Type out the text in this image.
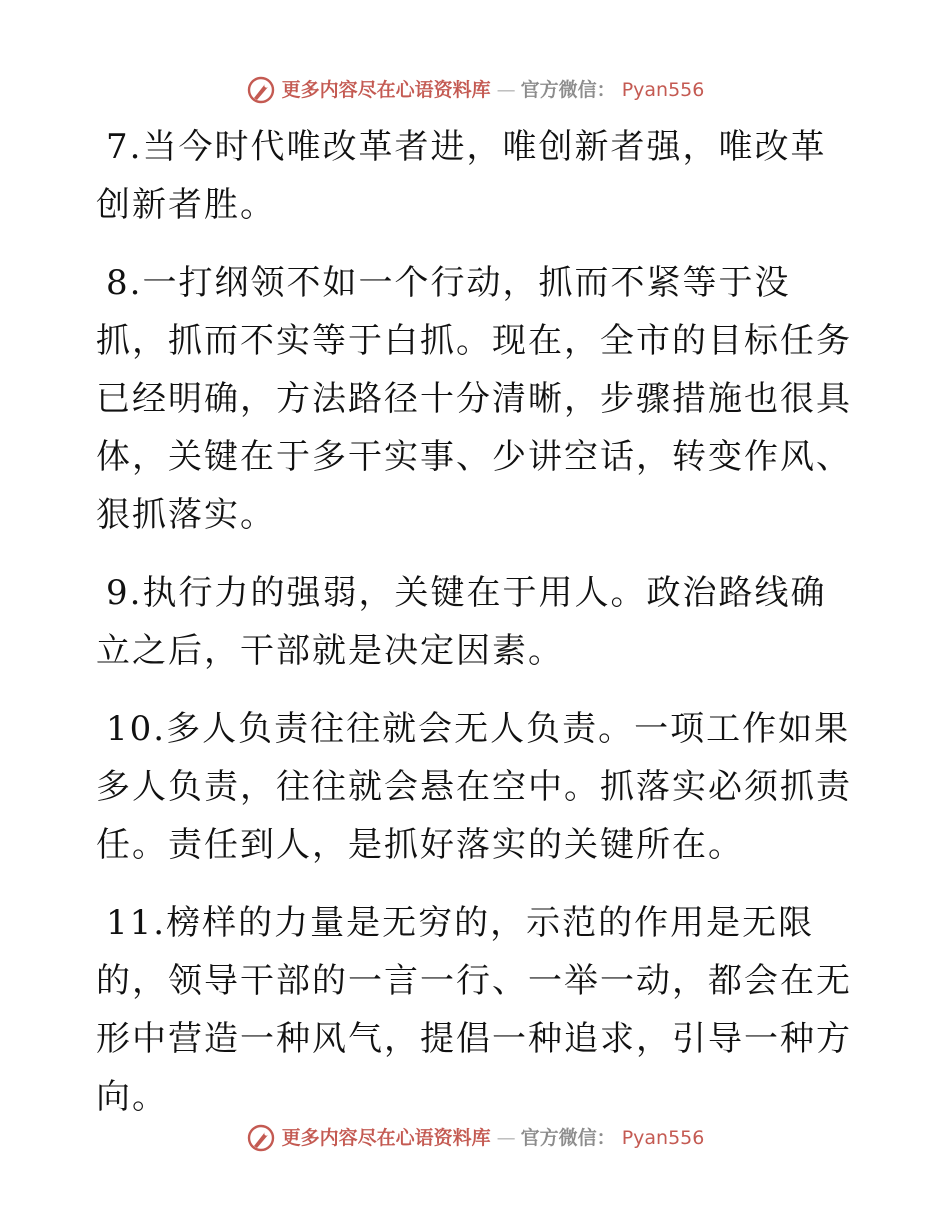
更多内容尽在心语资料库 — 官方微信： Pyan556

7.当今时代唯改革者进，唯创新者强，唯改革创新者胜。

8.一打纲领不如一个行动，抓而不紧等于没抓，抓而不实等于白抓。现在，全市的目标任务已经明确，方法路径十分清晰，步骤措施也很具体，关键在于多干实事、少讲空话，转变作风、狠抓落实。

9.执行力的强弱，关键在于用人。政治路线确立之后，干部就是决定因素。

10.多人负责往往就会无人负责。一项工作如果多人负责，往往就会悬在空中。抓落实必须抓责任。责任到人，是抓好落实的关键所在。

11.榜样的力量是无穷的，示范的作用是无限的，领导干部的一言一行、一举一动，都会在无形中营造一种风气，提倡一种追求，引导一种方向。

更多内容尽在心语资料库 — 官方微信： Pyan556
